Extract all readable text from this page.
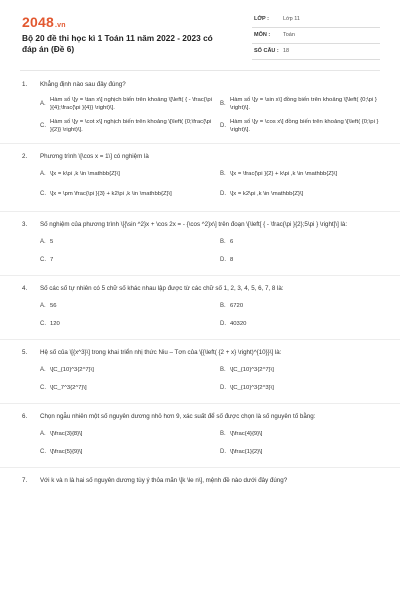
2048.vn
Bộ 20 đề thi học kì 1 Toán 11 năm 2022 - 2023 có đáp án (Đề 6)
LỚP :	Lớp 11
MÔN : Toán
SỐ CÂU : 18
1. Khẳng định nào sau đây đúng?
A.
Hàm số \[y = \tan x\] nghịch biến trên khoảng \[\left( { - \frac{\pi }{4};\frac{\pi }{4}} \right)\].
B.
Hàm số \[y = \sin x\] đồng biến trên khoảng \[\left( {0;\pi } \right)\].
C.
Hàm số \[y = \cot x\] nghịch biến trên khoảng \[\left( {0;\frac{\pi }{2}} \right)\].
D.
Hàm số \[y = \cos x\] đồng biến trên khoảng \[\left( {0;\pi } \right)\].
2. Phương trình \[\cos x = 1\] có nghiệm là
A. \[x = k\pi ,k \in \mathbb{Z}\]	B. \[x = \frac{\pi }{2} + k\pi ,k \in \mathbb{Z}\]
C. \[x = \pm \frac{\pi }{3} + k2\pi ,k \in \mathbb{Z}\]	D. \[x = k2\pi ,k \in \mathbb{Z}\]
3. Số nghiệm của phương trình \[{\sin ^2}x + \cos 2x = - {\cos ^2}x\] trên đoạn \[\left[ { - \frac{\pi }{2};5\pi } \right]\] là:
A. 5	B. 6
C. 7	D. 8
4. Số các số tự nhiên có 5 chữ số khác nhau lập được từ các chữ số 1, 2, 3, 4, 5, 6, 7, 8 là:
A. 56	B. 6720
C. 120	D. 40320
5. Hệ số của \[{x^3}\] trong khai triển nhị thức Niu – Tơn của \[{\left( {2 + x} \right)^{10}}\] là:
A. \[C_{10}^3{2^7}\]	B. \[C_{10}^3{2^7}\]
C. \[C_7^3{2^7}\]	D. \[C_{10}^3{2^3}\]
6. Chọn ngẫu nhiên một số nguyên dương nhỏ hơn 9, xác suất để số được chọn là số nguyên tố bằng:
A. \[\frac{3}{8}\]	B. \[\frac{4}{9}\]
C. \[\frac{5}{9}\]	D. \[\frac{1}{2}\]
7. Với k và n là hai số nguyên dương tùy ý thỏa mãn \[k \le n\], mệnh đề nào dưới đây đúng?
